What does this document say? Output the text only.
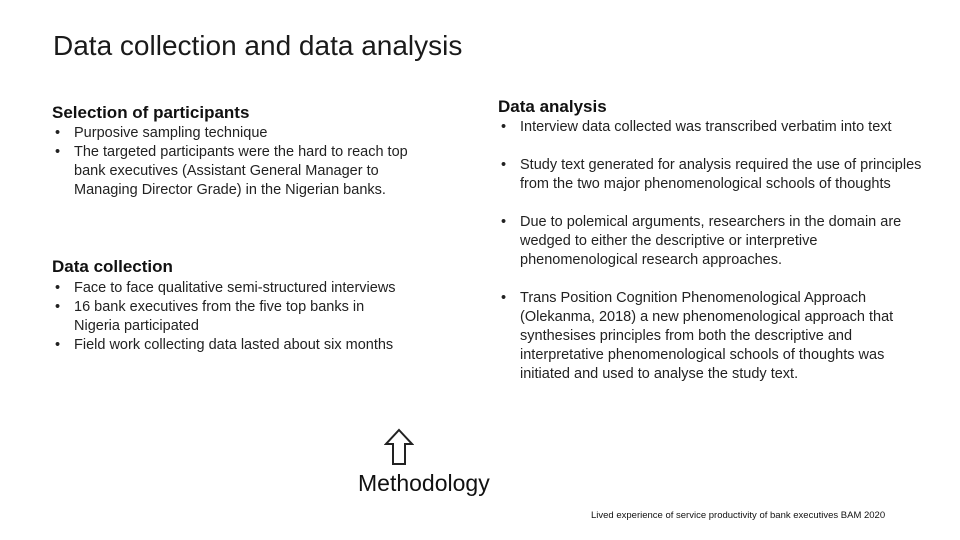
Data collection and data analysis
Selection of participants
• Purposive sampling technique
• The targeted participants were the hard to reach top bank executives (Assistant General Manager to Managing Director Grade) in the Nigerian banks.
Data collection
• Face to face qualitative semi-structured interviews
• 16 bank executives from the five top banks in Nigeria participated
• Field work collecting data lasted about six months
Data analysis
• Interview data collected was transcribed verbatim into text
• Study text generated for analysis required the use of principles from the two major phenomenological schools of thoughts
• Due to polemical arguments, researchers in the domain are wedged to either the descriptive or interpretive phenomenological research approaches.
• Trans Position Cognition Phenomenological Approach (Olekanma, 2018) a new phenomenological approach that synthesises principles from both the descriptive and interpretative phenomenological schools of thoughts was initiated and used to analyse the study text.
Methodology
Lived experience of service productivity of bank executives BAM 2020
